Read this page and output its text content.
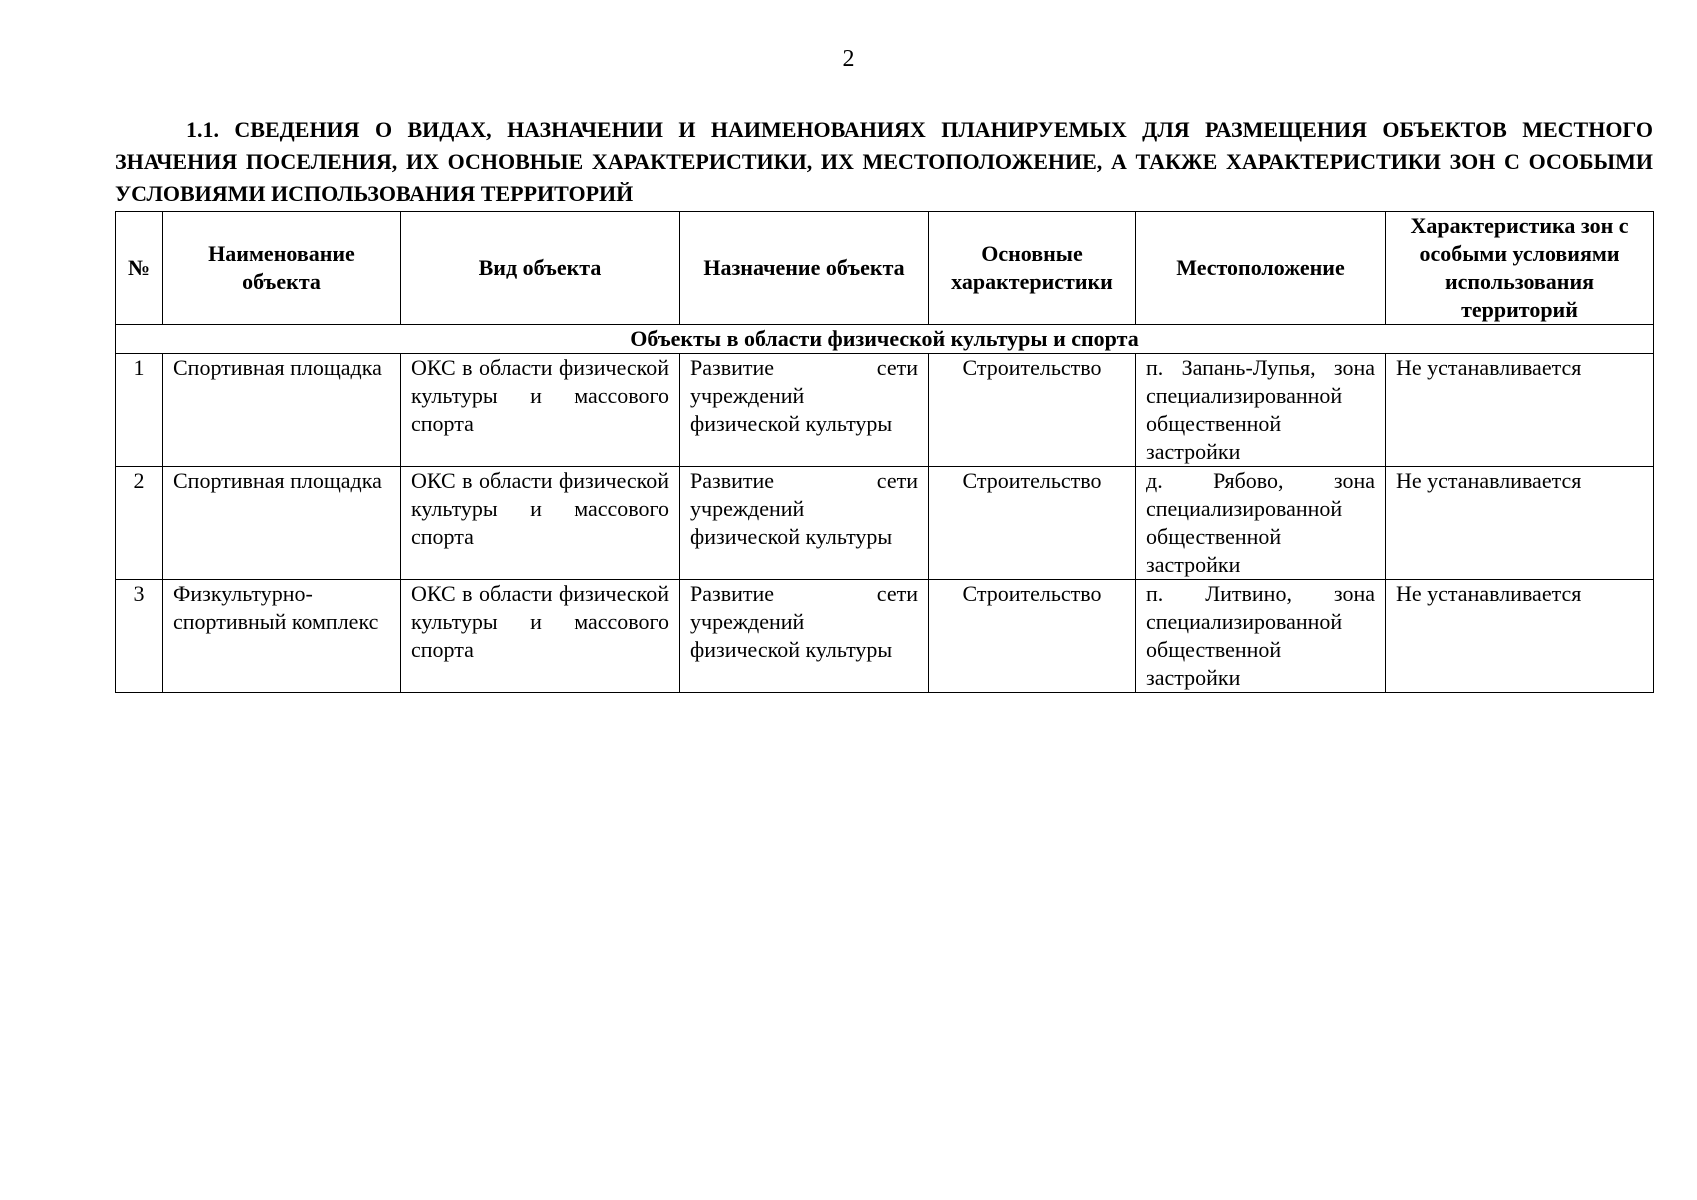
2
1.1. СВЕДЕНИЯ О ВИДАХ, НАЗНАЧЕНИИ И НАИМЕНОВАНИЯХ ПЛАНИРУЕМЫХ ДЛЯ РАЗМЕЩЕНИЯ ОБЪЕКТОВ МЕСТНОГО ЗНАЧЕНИЯ ПОСЕЛЕНИЯ, ИХ ОСНОВНЫЕ ХАРАКТЕРИСТИКИ, ИХ МЕСТОПОЛОЖЕНИЕ, А ТАКЖЕ ХАРАКТЕРИСТИКИ ЗОН С ОСОБЫМИ УСЛОВИЯМИ ИСПОЛЬЗОВАНИЯ ТЕРРИТОРИЙ
№	Наименование объекта	Вид объекта	Назначение объекта	Основные характеристики	Местоположение	Характеристика зон с особыми условиями использования территорий
Объекты в области физической культуры и спорта						
1	Спортивная площадка	ОКС в области физической культуры и массового спорта	Развитие сети учреждений физической культуры	Строительство	п. Запань-Лупья, зона специализированной общественной застройки	Не устанавливается
2	Спортивная площадка	ОКС в области физической культуры и массового спорта	Развитие сети учреждений физической культуры	Строительство	д. Рябово, зона специализированной общественной застройки	Не устанавливается
3	Физкультурно-спортивный комплекс	ОКС в области физической культуры и массового спорта	Развитие сети учреждений физической культуры	Строительство	п. Литвино, зона специализированной общественной застройки	Не устанавливается
